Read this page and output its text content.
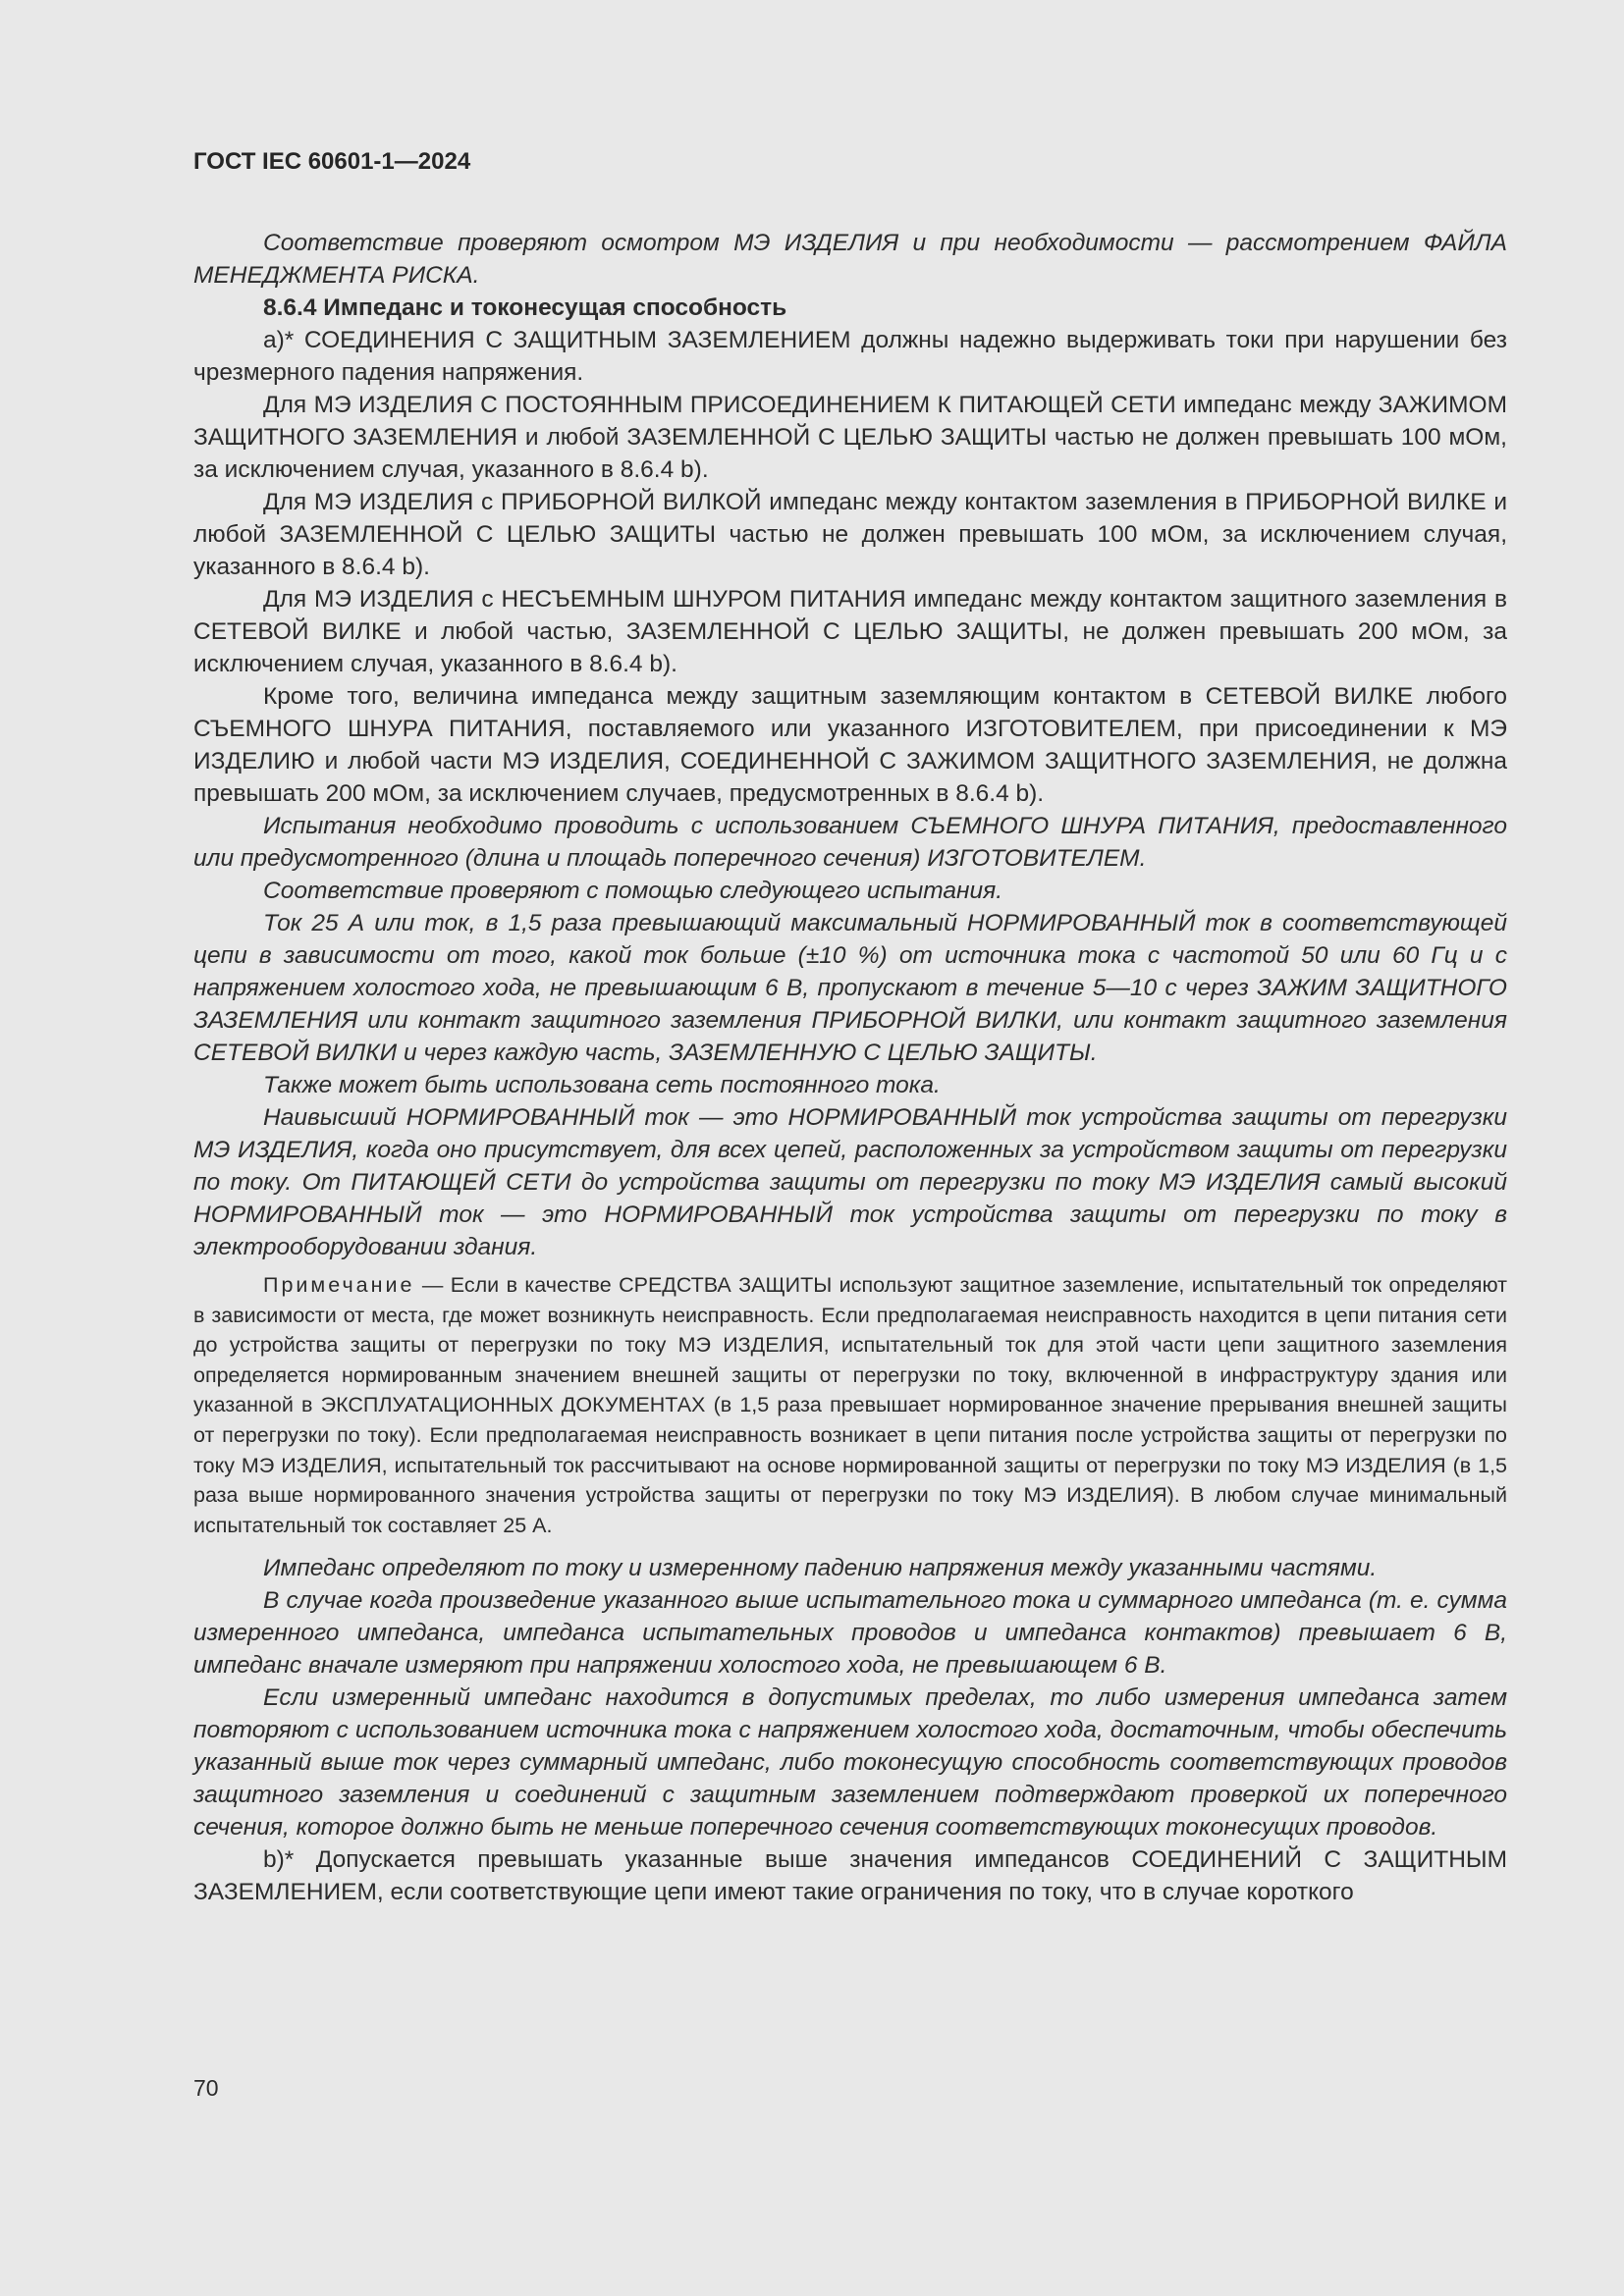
ГОСТ IEC 60601-1—2024

Соответствие проверяют осмотром МЭ ИЗДЕЛИЯ и при необходимости — рассмотрением ФАЙЛА МЕНЕДЖМЕНТА РИСКА.

8.6.4 Импеданс и токонесущая способность

а)* СОЕДИНЕНИЯ С ЗАЩИТНЫМ ЗАЗЕМЛЕНИЕМ должны надежно выдерживать токи при нарушении без чрезмерного падения напряжения.

Для МЭ ИЗДЕЛИЯ С ПОСТОЯННЫМ ПРИСОЕДИНЕНИЕМ К ПИТАЮЩЕЙ СЕТИ импеданс между ЗАЖИМОМ ЗАЩИТНОГО ЗАЗЕМЛЕНИЯ и любой ЗАЗЕМЛЕННОЙ С ЦЕЛЬЮ ЗАЩИТЫ частью не должен превышать 100 мОм, за исключением случая, указанного в 8.6.4 b).

Для МЭ ИЗДЕЛИЯ с ПРИБОРНОЙ ВИЛКОЙ импеданс между контактом заземления в ПРИБОРНОЙ ВИЛКЕ и любой ЗАЗЕМЛЕННОЙ С ЦЕЛЬЮ ЗАЩИТЫ частью не должен превышать 100 мОм, за исключением случая, указанного в 8.6.4 b).

Для МЭ ИЗДЕЛИЯ с НЕСЪЕМНЫМ ШНУРОМ ПИТАНИЯ импеданс между контактом защитного заземления в СЕТЕВОЙ ВИЛКЕ и любой частью, ЗАЗЕМЛЕННОЙ С ЦЕЛЬЮ ЗАЩИТЫ, не должен превышать 200 мОм, за исключением случая, указанного в 8.6.4 b).

Кроме того, величина импеданса между защитным заземляющим контактом в СЕТЕВОЙ ВИЛКЕ любого СЪЕМНОГО ШНУРА ПИТАНИЯ, поставляемого или указанного ИЗГОТОВИТЕЛЕМ, при присоединении к МЭ ИЗДЕЛИЮ и любой части МЭ ИЗДЕЛИЯ, СОЕДИНЕННОЙ С ЗАЖИМОМ ЗАЩИТНОГО ЗАЗЕМЛЕНИЯ, не должна превышать 200 мОм, за исключением случаев, предусмотренных в 8.6.4 b).

Испытания необходимо проводить с использованием СЪЕМНОГО ШНУРА ПИТАНИЯ, предоставленного или предусмотренного (длина и площадь поперечного сечения) ИЗГОТОВИТЕЛЕМ.

Соответствие проверяют с помощью следующего испытания.

Ток 25 А или ток, в 1,5 раза превышающий максимальный НОРМИРОВАННЫЙ ток в соответствующей цепи в зависимости от того, какой ток больше (±10 %) от источника тока с частотой 50 или 60 Гц и с напряжением холостого хода, не превышающим 6 В, пропускают в течение 5—10 с через ЗАЖИМ ЗАЩИТНОГО ЗАЗЕМЛЕНИЯ или контакт защитного заземления ПРИБОРНОЙ ВИЛКИ, или контакт защитного заземления СЕТЕВОЙ ВИЛКИ и через каждую часть, ЗАЗЕМЛЕННУЮ С ЦЕЛЬЮ ЗАЩИТЫ.

Также может быть использована сеть постоянного тока.

Наивысший НОРМИРОВАННЫЙ ток — это НОРМИРОВАННЫЙ ток устройства защиты от перегрузки МЭ ИЗДЕЛИЯ, когда оно присутствует, для всех цепей, расположенных за устройством защиты от перегрузки по току. От ПИТАЮЩЕЙ СЕТИ до устройства защиты от перегрузки по току МЭ ИЗДЕЛИЯ самый высокий НОРМИРОВАННЫЙ ток — это НОРМИРОВАННЫЙ ток устройства защиты от перегрузки по току в электрооборудовании здания.

Примечание — Если в качестве СРЕДСТВА ЗАЩИТЫ используют защитное заземление, испытательный ток определяют в зависимости от места, где может возникнуть неисправность. Если предполагаемая неисправность находится в цепи питания сети до устройства защиты от перегрузки по току МЭ ИЗДЕЛИЯ, испытательный ток для этой части цепи защитного заземления определяется нормированным значением внешней защиты от перегрузки по току, включенной в инфраструктуру здания или указанной в ЭКСПЛУАТАЦИОННЫХ ДОКУМЕНТАХ (в 1,5 раза превышает нормированное значение прерывания внешней защиты от перегрузки по току). Если предполагаемая неисправность возникает в цепи питания после устройства защиты от перегрузки по току МЭ ИЗДЕЛИЯ, испытательный ток рассчитывают на основе нормированной защиты от перегрузки по току МЭ ИЗДЕЛИЯ (в 1,5 раза выше нормированного значения устройства защиты от перегрузки по току МЭ ИЗДЕЛИЯ). В любом случае минимальный испытательный ток составляет 25 А.

Импеданс определяют по току и измеренному падению напряжения между указанными частями.

В случае когда произведение указанного выше испытательного тока и суммарного импеданса (т. е. сумма измеренного импеданса, импеданса испытательных проводов и импеданса контактов) превышает 6 В, импеданс вначале измеряют при напряжении холостого хода, не превышающем 6 В.

Если измеренный импеданс находится в допустимых пределах, то либо измерения импеданса затем повторяют с использованием источника тока с напряжением холостого хода, достаточным, чтобы обеспечить указанный выше ток через суммарный импеданс, либо токонесущую способность соответствующих проводов защитного заземления и соединений с защитным заземлением подтверждают проверкой их поперечного сечения, которое должно быть не меньше поперечного сечения соответствующих токонесущих проводов.

b)* Допускается превышать указанные выше значения импедансов СОЕДИНЕНИЙ С ЗАЩИТНЫМ ЗАЗЕМЛЕНИЕМ, если соответствующие цепи имеют такие ограничения по току, что в случае короткого

70
